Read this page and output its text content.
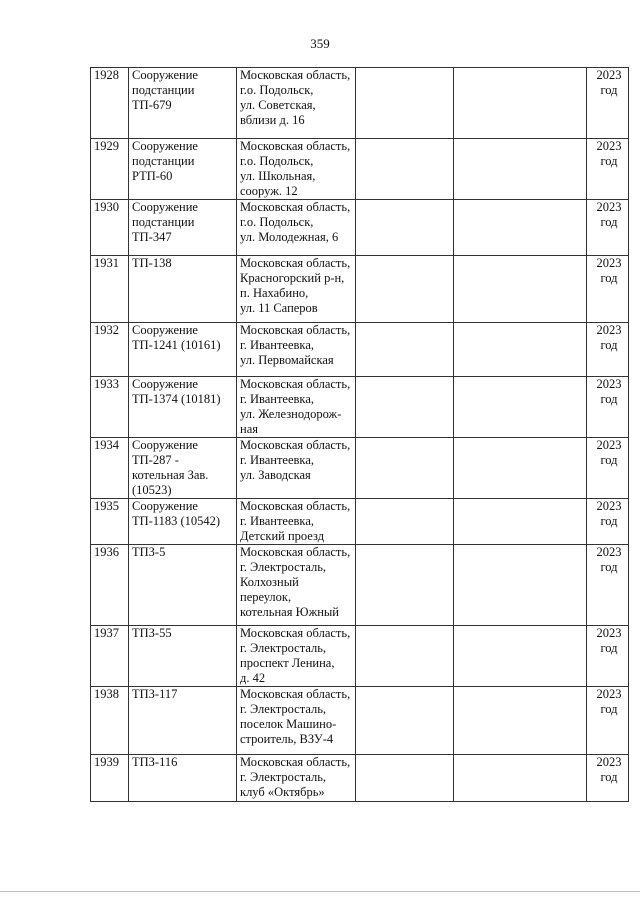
359
1928	Сооружение
подстанции
ТП-679	Московская область,
г.о. Подольск,
ул. Советская,
вблизи д. 16			2023
год

1929	Сооружение
подстанции
РТП-60	Московская область,
г.о. Подольск,
ул. Школьная,
сооруж. 12			2023
год

1930	Сооружение
подстанции
ТП-347	Московская область,
г.о. Подольск,
ул. Молодежная, 6			2023
год

1931	ТП-138	Московская область,
Красногорский р-н,
п. Нахабино,
ул. 11 Саперов			2023
год

1932	Сооружение
ТП-1241 (10161)	Московская область,
г. Ивантеевка,
ул. Первомайская			2023
год

1933	Сооружение
ТП-1374 (10181)	Московская область,
г. Ивантеевка,
ул. Железнодорож-
ная			2023
год

1934	Сооружение
ТП-287 -
котельная Зав.
(10523)	Московская область,
г. Ивантеевка,
ул. Заводская			2023
год

1935	Сооружение
ТП-1183 (10542)	Московская область,
г. Ивантеевка,
Детский проезд			2023
год

1936	ТПЗ-5	Московская область,
г. Электросталь,
Колхозный
переулок,
котельная Южный			2023
год

1937	ТПЗ-55	Московская область,
г. Электросталь,
проспект Ленина,
д. 42			2023
год

1938	ТПЗ-117	Московская область,
г. Электросталь,
поселок Машино-
строитель, ВЗУ-4			2023
год

1939	ТПЗ-116	Московская область,
г. Электросталь,
клуб «Октябрь»			2023
год
